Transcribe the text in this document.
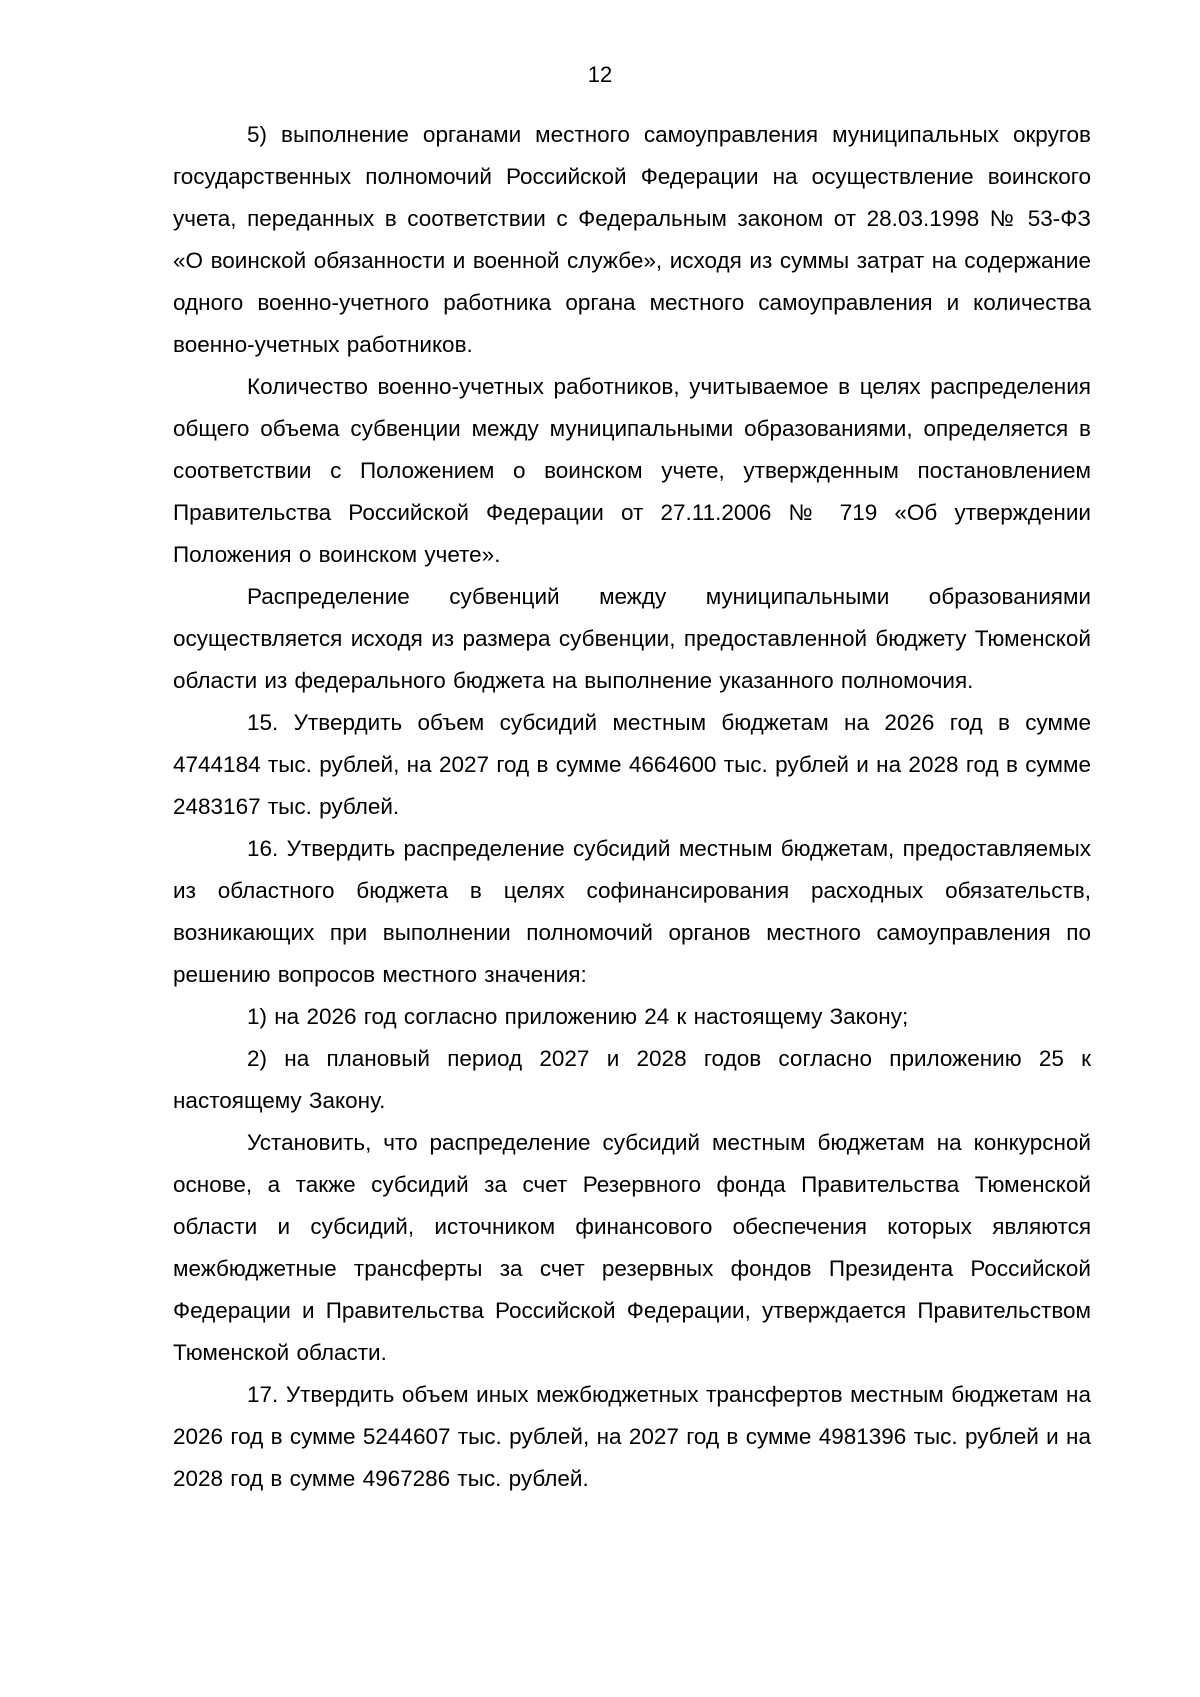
12

5) выполнение органами местного самоуправления муниципальных округов государственных полномочий Российской Федерации на осуществление воинского учета, переданных в соответствии с Федеральным законом от 28.03.1998 № 53-ФЗ «О воинской обязанности и военной службе», исходя из суммы затрат на содержание одного военно-учетного работника органа местного самоуправления и количества военно-учетных работников.

Количество военно-учетных работников, учитываемое в целях распределения общего объема субвенции между муниципальными образованиями, определяется в соответствии с Положением о воинском учете, утвержденным постановлением Правительства Российской Федерации от 27.11.2006 № 719 «Об утверждении Положения о воинском учете».

Распределение субвенций между муниципальными образованиями осуществляется исходя из размера субвенции, предоставленной бюджету Тюменской области из федерального бюджета на выполнение указанного полномочия.

15. Утвердить объем субсидий местным бюджетам на 2026 год в сумме 4744184 тыс. рублей, на 2027 год в сумме 4664600 тыс. рублей и на 2028 год в сумме 2483167 тыс. рублей.

16. Утвердить распределение субсидий местным бюджетам, предоставляемых из областного бюджета в целях софинансирования расходных обязательств, возникающих при выполнении полномочий органов местного самоуправления по решению вопросов местного значения:

1) на 2026 год согласно приложению 24 к настоящему Закону;

2) на плановый период 2027 и 2028 годов согласно приложению 25 к настоящему Закону.

Установить, что распределение субсидий местным бюджетам на конкурсной основе, а также субсидий за счет Резервного фонда Правительства Тюменской области и субсидий, источником финансового обеспечения которых являются межбюджетные трансферты за счет резервных фондов Президента Российской Федерации и Правительства Российской Федерации, утверждается Правительством Тюменской области.

17. Утвердить объем иных межбюджетных трансфертов местным бюджетам на 2026 год в сумме 5244607 тыс. рублей, на 2027 год в сумме 4981396 тыс. рублей и на 2028 год в сумме 4967286 тыс. рублей.
